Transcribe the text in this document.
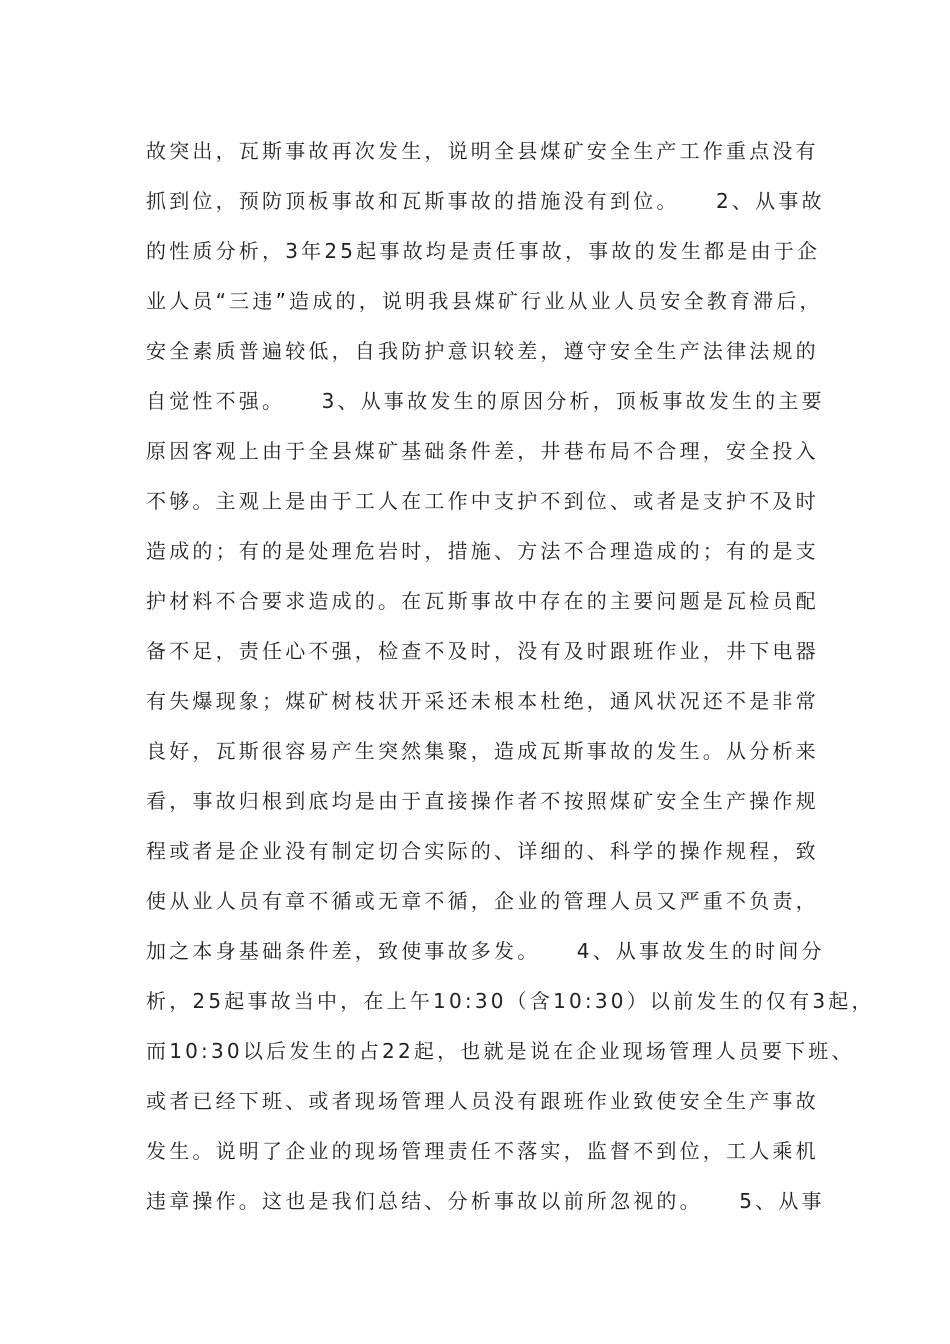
故突出，瓦斯事故再次发生，说明全县煤矿安全生产工作重点没有
抓到位，预防顶板事故和瓦斯事故的措施没有到位。　　2、从事故
的性质分析，3年25起事故均是责任事故，事故的发生都是由于企
业人员“三违”造成的，说明我县煤矿行业从业人员安全教育滞后，
安全素质普遍较低，自我防护意识较差，遵守安全生产法律法规的
自觉性不强。　　3、从事故发生的原因分析，顶板事故发生的主要
原因客观上由于全县煤矿基础条件差，井巷布局不合理，安全投入
不够。主观上是由于工人在工作中支护不到位、或者是支护不及时
造成的；有的是处理危岩时，措施、方法不合理造成的；有的是支
护材料不合要求造成的。在瓦斯事故中存在的主要问题是瓦检员配
备不足，责任心不强，检查不及时，没有及时跟班作业，井下电器
有失爆现象；煤矿树枝状开采还未根本杜绝，通风状况还不是非常
良好，瓦斯很容易产生突然集聚，造成瓦斯事故的发生。从分析来
看，事故归根到底均是由于直接操作者不按照煤矿安全生产操作规
程或者是企业没有制定切合实际的、详细的、科学的操作规程，致
使从业人员有章不循或无章不循，企业的管理人员又严重不负责，
加之本身基础条件差，致使事故多发。　　4、从事故发生的时间分
析，25起事故当中，在上午10:30（含10:30）以前发生的仅有3起，
而10:30以后发生的占22起，也就是说在企业现场管理人员要下班、
或者已经下班、或者现场管理人员没有跟班作业致使安全生产事故
发生。说明了企业的现场管理责任不落实，监督不到位，工人乘机
违章操作。这也是我们总结、分析事故以前所忽视的。　　5、从事
